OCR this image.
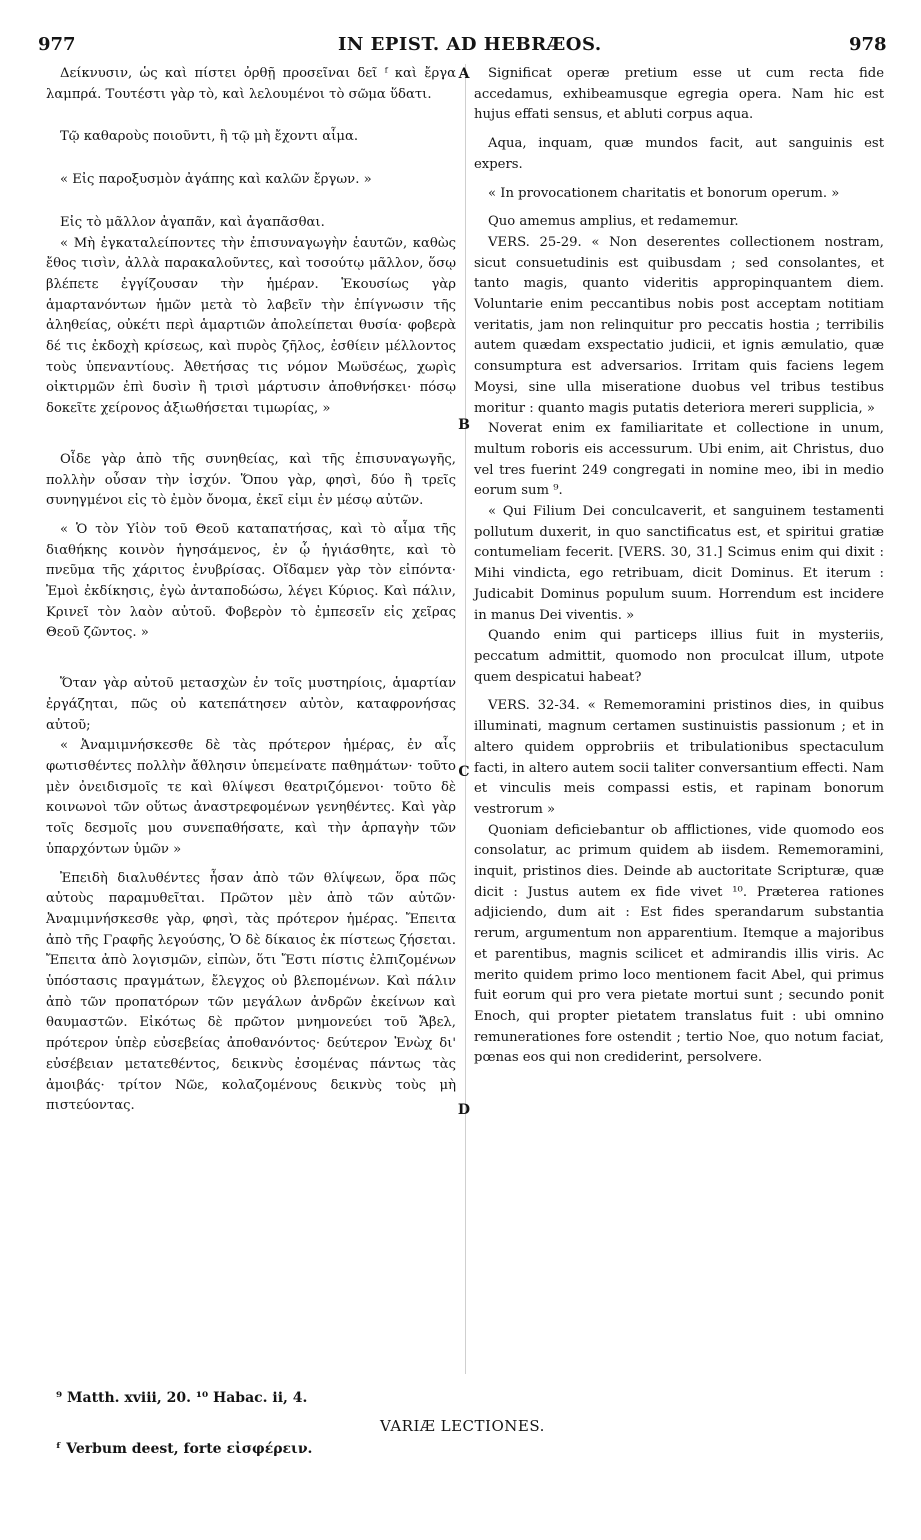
977	IN EPIST. AD HEBRÆOS.	978
A
B
C
D

Δείκνυσιν, ὡς καὶ πίστει ὀρθῇ προσεῖναι δεῖ ᶠ καὶ ἔργα λαμπρά. Τουτέστι γὰρ τὸ, καὶ λελουμένοι τὸ σῶμα ὕδατι.

Τῷ καθαροὺς ποιοῦντι, ἢ τῷ μὴ ἔχοντι αἷμα.

« Εἰς παροξυσμὸν ἀγάπης καὶ καλῶν ἔργων. »

Εἰς τὸ μᾶλλον ἀγαπᾶν, καὶ ἀγαπᾶσθαι.

« Μὴ ἐγκαταλείποντες τὴν ἐπισυναγωγὴν ἑαυτῶν, καθὼς ἔθος τισὶν, ἀλλὰ παρακαλοῦντες, καὶ τοσούτῳ μᾶλλον, ὅσῳ βλέπετε ἐγγίζουσαν τὴν ἡμέραν. Ἑκουσίως γὰρ ἁμαρτανόντων ἡμῶν μετὰ τὸ λαβεῖν τὴν ἐπίγνωσιν τῆς ἀληθείας, οὐκέτι περὶ ἁμαρτιῶν ἀπολείπεται θυσία· φοβερὰ δέ τις ἐκδοχὴ κρίσεως, καὶ πυρὸς ζῆλος, ἐσθίειν μέλλοντος τοὺς ὑπεναντίους. Ἀθετήσας τις νόμον Μωϋσέως, χωρὶς οἰκτιρμῶν ἐπὶ δυσὶν ἢ τρισὶ μάρτυσιν ἀποθνήσκει· πόσῳ δοκεῖτε χείρονος ἀξιωθήσεται τιμωρίας, »

Οἶδε γὰρ ἀπὸ τῆς συνηθείας, καὶ τῆς ἐπισυναγωγῆς, πολλὴν οὖσαν τὴν ἰσχύν. Ὅπου γὰρ, φησὶ, δύο ἢ τρεῖς συνηγμένοι εἰς τὸ ἐμὸν ὄνομα, ἐκεῖ εἰμι ἐν μέσῳ αὐτῶν.

« Ὁ τὸν Υἱὸν τοῦ Θεοῦ καταπατήσας, καὶ τὸ αἷμα τῆς διαθήκης κοινὸν ἡγησάμενος, ἐν ᾧ ἡγιάσθητε, καὶ τὸ πνεῦμα τῆς χάριτος ἐνυβρίσας. Οἴδαμεν γὰρ τὸν εἰπόντα· Ἐμοὶ ἐκδίκησις, ἐγὼ ἀνταποδώσω, λέγει Κύριος. Καὶ πάλιν, Κρινεῖ τὸν λαὸν αὐτοῦ. Φοβερὸν τὸ ἐμπεσεῖν εἰς χεῖρας Θεοῦ ζῶντος. »

Ὅταν γὰρ αὐτοῦ μετασχὼν ἐν τοῖς μυστηρίοις, ἁμαρτίαν ἐργάζηται, πῶς οὐ κατεπάτησεν αὐτὸν, καταφρονήσας αὐτοῦ;

« Ἀναμιμνήσκεσθε δὲ τὰς πρότερον ἡμέρας, ἐν αἷς φωτισθέντες πολλὴν ἄθλησιν ὑπεμείνατε παθημάτων· τοῦτο μὲν ὀνειδισμοῖς τε καὶ θλίψεσι θεατριζόμενοι· τοῦτο δὲ κοινωνοὶ τῶν οὕτως ἀναστρεφομένων γενηθέντες. Καὶ γὰρ τοῖς δεσμοῖς μου συνεπαθήσατε, καὶ τὴν ἁρπαγὴν τῶν ὑπαρχόντων ὑμῶν »

Ἐπειδὴ διαλυθέντες ἦσαν ἀπὸ τῶν θλίψεων, ὅρα πῶς αὐτοὺς παραμυθεῖται. Πρῶτον μὲν ἀπὸ τῶν αὐτῶν· Ἀναμιμνήσκεσθε γὰρ, φησὶ, τὰς πρότερον ἡμέρας. Ἔπειτα ἀπὸ τῆς Γραφῆς λεγούσης, Ὁ δὲ δίκαιος ἐκ πίστεως ζήσεται. Ἔπειτα ἀπὸ λογισμῶν, εἰπὼν, ὅτι Ἔστι πίστις ἐλπιζομένων ὑπόστασις πραγμάτων, ἔλεγχος οὐ βλεπομένων. Καὶ πάλιν ἀπὸ τῶν προπατόρων τῶν μεγάλων ἀνδρῶν ἐκείνων καὶ θαυμαστῶν. Εἰκότως δὲ πρῶτον μνημονεύει τοῦ Ἄβελ, πρότερον ὑπὲρ εὐσεβείας ἀποθανόντος· δεύτερον Ἐνὼχ δι' εὐσέβειαν μετατεθέντος, δεικνὺς ἐσομένας πάντως τὰς ἀμοιβάς· τρίτον Νῶε, κολαζομένους δεικνὺς τοὺς μὴ πιστεύοντας.

Significat operæ pretium esse ut cum recta fide accedamus, exhibeamusque egregia opera. Nam hic est hujus effati sensus, et abluti corpus aqua.

Aqua, inquam, quæ mundos facit, aut sanguinis est expers.

« In provocationem charitatis et bonorum operum. »

Quo amemus amplius, et redamemur.

VERS. 25-29. « Non deserentes collectionem nostram, sicut consuetudinis est quibusdam ; sed consolantes, et tanto magis, quanto videritis appropinquantem diem. Voluntarie enim peccantibus nobis post acceptam notitiam veritatis, jam non relinquitur pro peccatis hostia ; terribilis autem quædam exspectatio judicii, et ignis æmulatio, quæ consumptura est adversarios. Irritam quis faciens legem Moysi, sine ulla miseratione duobus vel tribus testibus moritur : quanto magis putatis deteriora mereri supplicia, »

Noverat enim ex familiaritate et collectione in unum, multum roboris eis accessurum. Ubi enim, ait Christus, duo vel tres fuerint 249 congregati in nomine meo, ibi in medio eorum sum ⁹.

« Qui Filium Dei conculcaverit, et sanguinem testamenti pollutum duxerit, in quo sanctificatus est, et spiritui gratiæ contumeliam fecerit. [VERS. 30, 31.] Scimus enim qui dixit : Mihi vindicta, ego retribuam, dicit Dominus. Et iterum : Judicabit Dominus populum suum. Horrendum est incidere in manus Dei viventis. »

Quando enim qui particeps illius fuit in mysteriis, peccatum admittit, quomodo non proculcat illum, utpote quem despicatui habeat?

VERS. 32-34. « Rememoramini pristinos dies, in quibus illuminati, magnum certamen sustinuistis passionum ; et in altero quidem opprobriis et tribulationibus spectaculum facti, in altero autem socii taliter conversantium effecti. Nam et vinculis meis compassi estis, et rapinam bonorum vestrorum »

Quoniam deficiebantur ob afflictiones, vide quomodo eos consolatur, ac primum quidem ab iisdem. Rememoramini, inquit, pristinos dies. Deinde ab auctoritate Scripturæ, quæ dicit : Justus autem ex fide vivet ¹⁰. Præterea rationes adjiciendo, dum ait : Est fides sperandarum substantia rerum, argumentum non apparentium. Itemque a majoribus et parentibus, magnis scilicet et admirandis illis viris. Ac merito quidem primo loco mentionem facit Abel, qui primus fuit eorum qui pro vera pietate mortui sunt ; secundo ponit Enoch, qui propter pietatem translatus fuit : ubi omnino remunerationes fore ostendit ; tertio Noe, quo notum faciat, pœnas eos qui non crediderint, persolvere.

⁹ Matth. xviii, 20. ¹⁰ Habac. ii, 4.
VARIÆ LECTIONES.
ᶠ Verbum deest, forte εἰσφέρειν.
